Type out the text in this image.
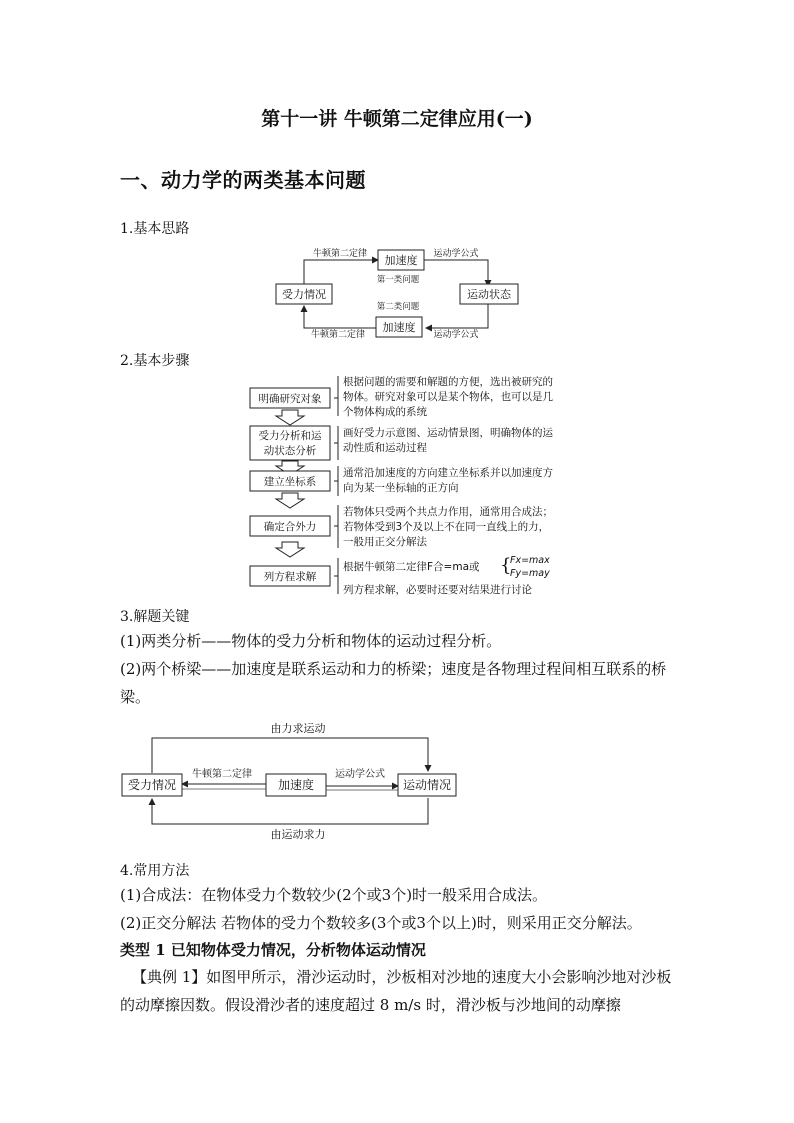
第十一讲 牛顿第二定律应用(一)
一、动力学的两类基本问题
1.基本思路
受力情况
加速度
加速度
运动状态
牛顿第二定律	运动学公式
第一类问题
第二类问题
牛顿第二定律	运动学公式
2.基本步骤
明确研究对象
受力分析和运
动状态分析
建立坐标系
确定合外力
列方程求解
根据问题的需要和解题的方便，选出被研究的物体。研究对象可以是某个物体，也可以是几个物体构成的系统
画好受力示意图、运动情景图，明确物体的运动性质和运动过程
通常沿加速度的方向建立坐标系并以加速度方向为某一坐标轴的正方向
若物体只受两个共点力作用，通常用合成法；若物体受到3个及以上不在同一直线上的力，一般用正交分解法
根据牛顿第二定律F合=ma或	{
Fx=max
Fy=may
列方程求解，必要时还要对结果进行讨论
3.解题关键
(1)两类分析——物体的受力分析和物体的运动过程分析。
(2)两个桥梁——加速度是联系运动和力的桥梁；速度是各物理过程间相互联系的桥梁。
受力情况	加速度	运动情况
由力求运动
由运动求力
牛顿第二定律	运动学公式
4.常用方法
(1)合成法：在物体受力个数较少(2个或3个)时一般采用合成法。
(2)正交分解法 若物体的受力个数较多(3个或3个以上)时，则采用正交分解法。
类型 1 已知物体受力情况，分析物体运动情况
【典例 1】如图甲所示，滑沙运动时，沙板相对沙地的速度大小会影响沙地对沙板的动摩擦因数。假设滑沙者的速度超过 8 m/s 时，滑沙板与沙地间的动摩擦
